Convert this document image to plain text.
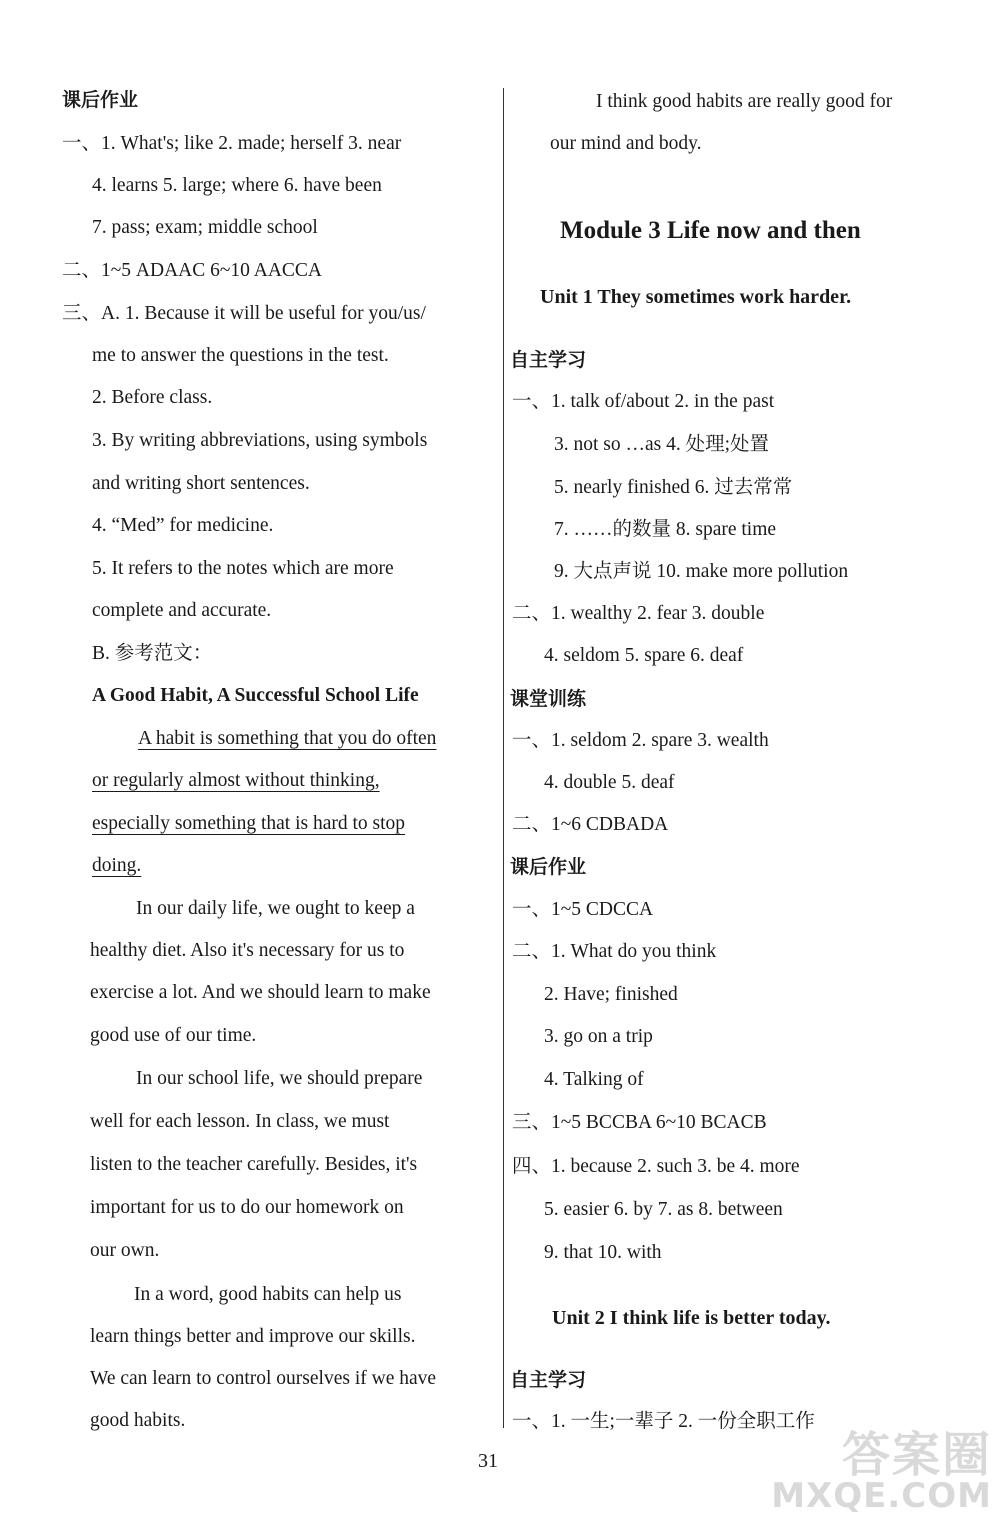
课后作业
一、1. What's; like 2. made; herself 3. near
4. learns 5. large; where 6. have been
7. pass; exam; middle school
二、1~5 ADAAC 6~10 AACCA
三、A. 1. Because it will be useful for you/us/
me to answer the questions in the test.
2. Before class.
3. By writing abbreviations, using symbols
and writing short sentences.
4. “Med” for medicine.
5. It refers to the notes which are more
complete and accurate.
B. 参考范文：
A Good Habit, A Successful School Life
A habit is something that you do often
or regularly almost without thinking,
especially something that is hard to stop
doing.
In our daily life, we ought to keep a
healthy diet. Also it's necessary for us to
exercise a lot. And we should learn to make
good use of our time.
In our school life, we should prepare
well for each lesson. In class, we must
listen to the teacher carefully. Besides, it's
important for us to do our homework on
our own.
In a word, good habits can help us
learn things better and improve our skills.
We can learn to control ourselves if we have
good habits.
I think good habits are really good for
our mind and body.
Module 3 Life now and then
Unit 1 They sometimes work harder.
自主学习
一、1. talk of/about 2. in the past
3. not so …as 4. 处理;处置
5. nearly finished 6. 过去常常
7. ……的数量 8. spare time
9. 大点声说 10. make more pollution
二、1. wealthy 2. fear 3. double
4. seldom 5. spare 6. deaf
课堂训练
一、1. seldom 2. spare 3. wealth
4. double 5. deaf
二、1~6 CDBADA
课后作业
一、1~5 CDCCA
二、1. What do you think
2. Have; finished
3. go on a trip
4. Talking of
三、1~5 BCCBA 6~10 BCACB
四、1. because 2. such 3. be 4. more
5. easier 6. by 7. as 8. between
9. that 10. with
Unit 2 I think life is better today.
自主学习
一、1. 一生;一辈子 2. 一份全职工作
31	答案圈
MXQE.COM
